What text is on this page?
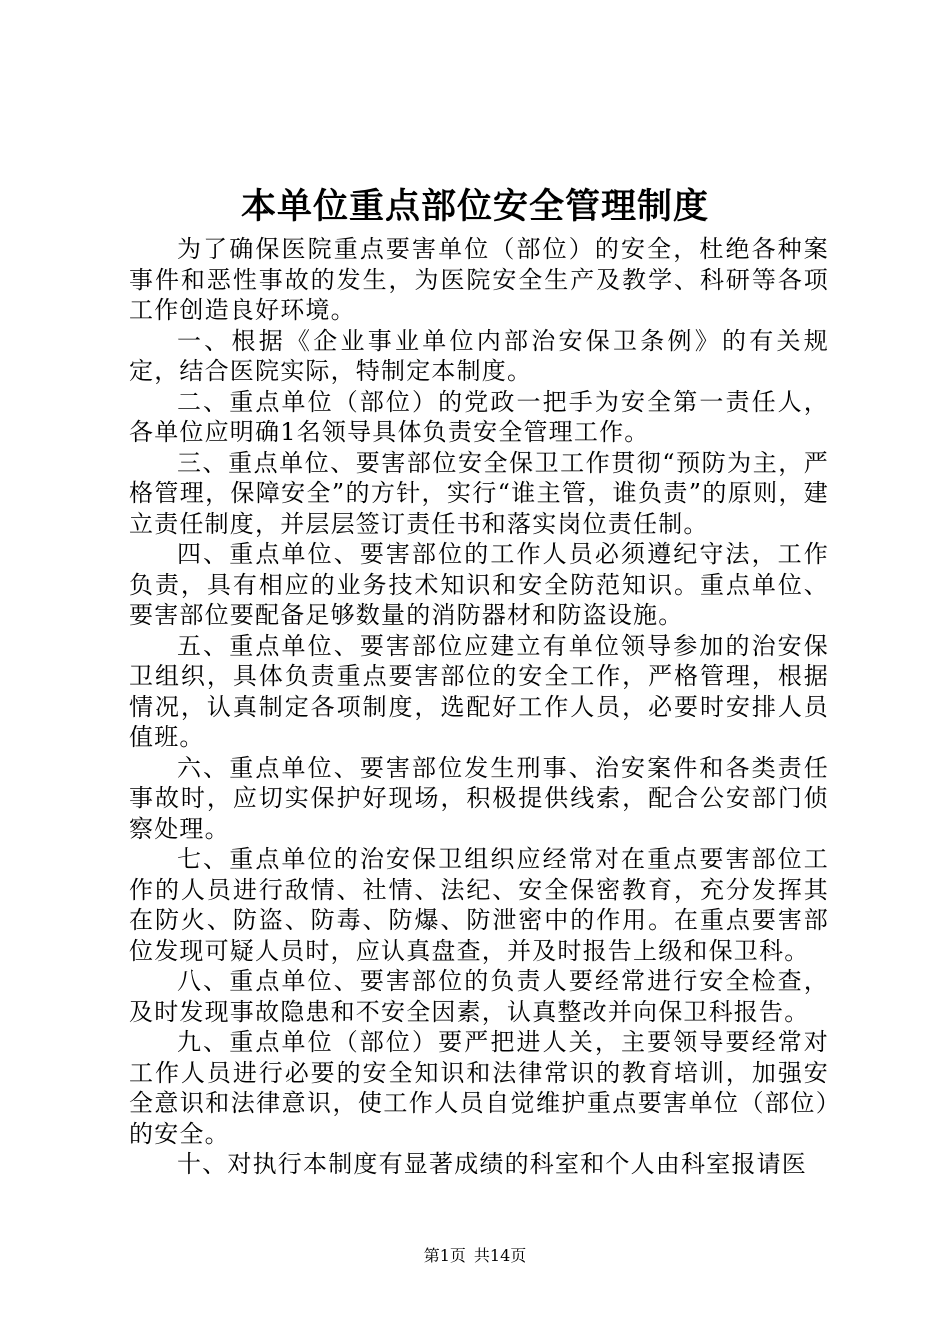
本单位重点部位安全管理制度

为了确保医院重点要害单位（部位）的安全，杜绝各种案事件和恶性事故的发生，为医院安全生产及教学、科研等各项工作创造良好环境。

一、根据《企业事业单位内部治安保卫条例》的有关规定，结合医院实际，特制定本制度。

二、重点单位（部位）的党政一把手为安全第一责任人，各单位应明确1名领导具体负责安全管理工作。

三、重点单位、要害部位安全保卫工作贯彻“预防为主，严格管理，保障安全”的方针，实行“谁主管，谁负责”的原则，建立责任制度，并层层签订责任书和落实岗位责任制。

四、重点单位、要害部位的工作人员必须遵纪守法，工作负责，具有相应的业务技术知识和安全防范知识。重点单位、要害部位要配备足够数量的消防器材和防盗设施。

五、重点单位、要害部位应建立有单位领导参加的治安保卫组织，具体负责重点要害部位的安全工作，严格管理，根据情况，认真制定各项制度，选配好工作人员，必要时安排人员值班。

六、重点单位、要害部位发生刑事、治安案件和各类责任事故时，应切实保护好现场，积极提供线索，配合公安部门侦察处理。

七、重点单位的治安保卫组织应经常对在重点要害部位工作的人员进行敌情、社情、法纪、安全保密教育，充分发挥其在防火、防盗、防毒、防爆、防泄密中的作用。在重点要害部位发现可疑人员时，应认真盘查，并及时报告上级和保卫科。

八、重点单位、要害部位的负责人要经常进行安全检查，及时发现事故隐患和不安全因素，认真整改并向保卫科报告。

九、重点单位（部位）要严把进人关，主要领导要经常对工作人员进行必要的安全知识和法律常识的教育培训，加强安全意识和法律意识，使工作人员自觉维护重点要害单位（部位）的安全。

十、对执行本制度有显著成绩的科室和个人由科室报请医

第1页 共14页
